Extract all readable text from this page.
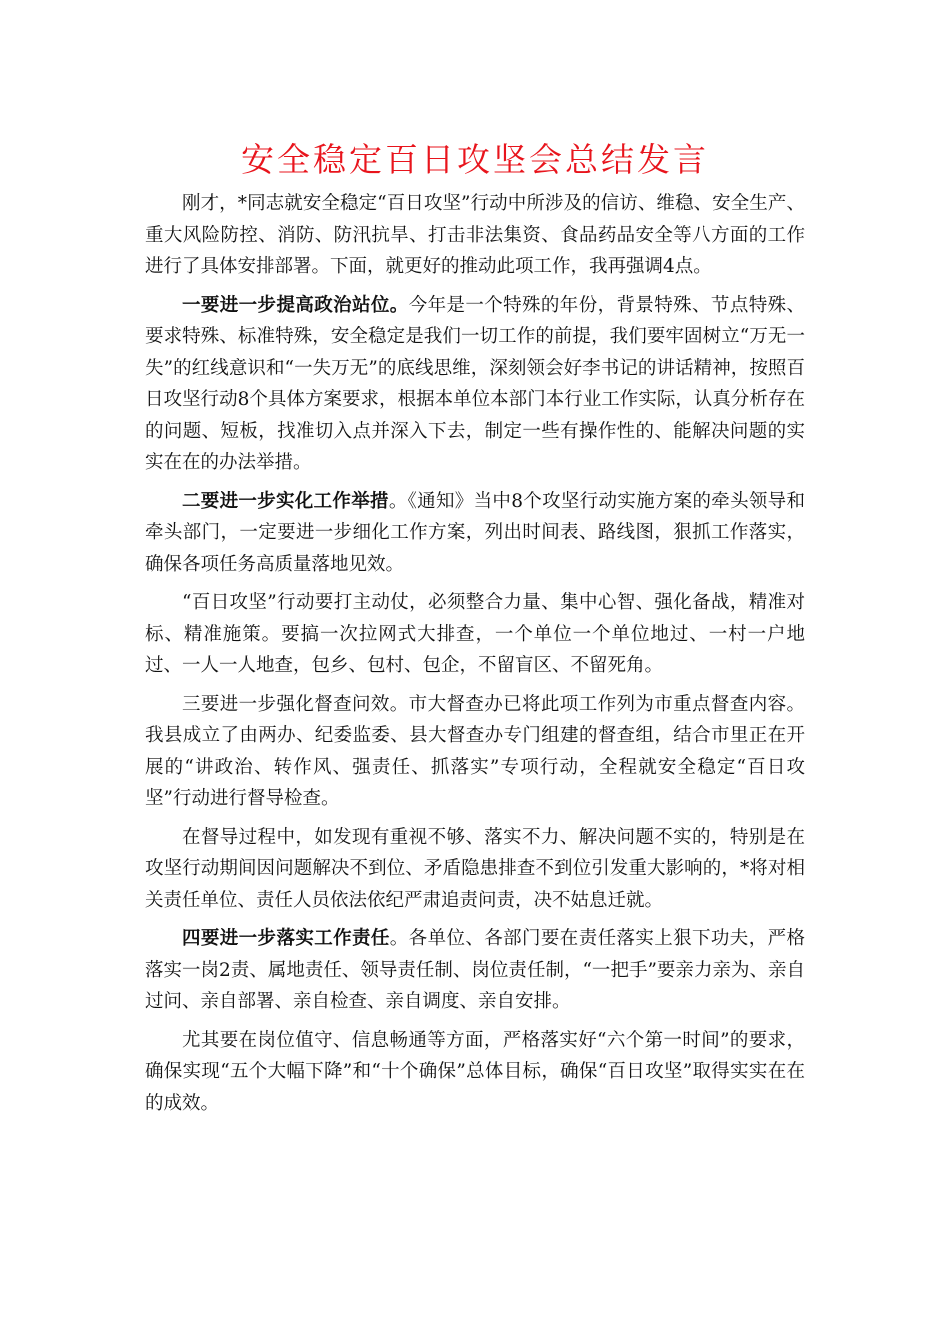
安全稳定百日攻坚会总结发言

刚才，*同志就安全稳定“百日攻坚”行动中所涉及的信访、维稳、安全生产、重大风险防控、消防、防汛抗旱、打击非法集资、食品药品安全等八方面的工作进行了具体安排部署。下面，就更好的推动此项工作，我再强调4点。

一要进一步提高政治站位。今年是一个特殊的年份，背景特殊、节点特殊、要求特殊、标准特殊，安全稳定是我们一切工作的前提，我们要牢固树立“万无一失”的红线意识和“一失万无”的底线思维，深刻领会好李书记的讲话精神，按照百日攻坚行动8个具体方案要求，根据本单位本部门本行业工作实际，认真分析存在的问题、短板，找准切入点并深入下去，制定一些有操作性的、能解决问题的实实在在的办法举措。

二要进一步实化工作举措。《通知》当中8个攻坚行动实施方案的牵头领导和牵头部门，一定要进一步细化工作方案，列出时间表、路线图，狠抓工作落实，确保各项任务高质量落地见效。

“百日攻坚”行动要打主动仗，必须整合力量、集中心智、强化备战，精准对标、精准施策。要搞一次拉网式大排查，一个单位一个单位地过、一村一户地过、一人一人地查，包乡、包村、包企，不留盲区、不留死角。

三要进一步强化督查问效。市大督查办已将此项工作列为市重点督查内容。我县成立了由两办、纪委监委、县大督查办专门组建的督查组，结合市里正在开展的“讲政治、转作风、强责任、抓落实”专项行动，全程就安全稳定“百日攻坚”行动进行督导检查。

在督导过程中，如发现有重视不够、落实不力、解决问题不实的，特别是在攻坚行动期间因问题解决不到位、矛盾隐患排查不到位引发重大影响的，*将对相关责任单位、责任人员依法依纪严肃追责问责，决不姑息迁就。

四要进一步落实工作责任。各单位、各部门要在责任落实上狠下功夫，严格落实一岗2责、属地责任、领导责任制、岗位责任制，“一把手”要亲力亲为、亲自过问、亲自部署、亲自检查、亲自调度、亲自安排。

尤其要在岗位值守、信息畅通等方面，严格落实好“六个第一时间”的要求，确保实现“五个大幅下降”和“十个确保”总体目标，确保“百日攻坚”取得实实在在的成效。
